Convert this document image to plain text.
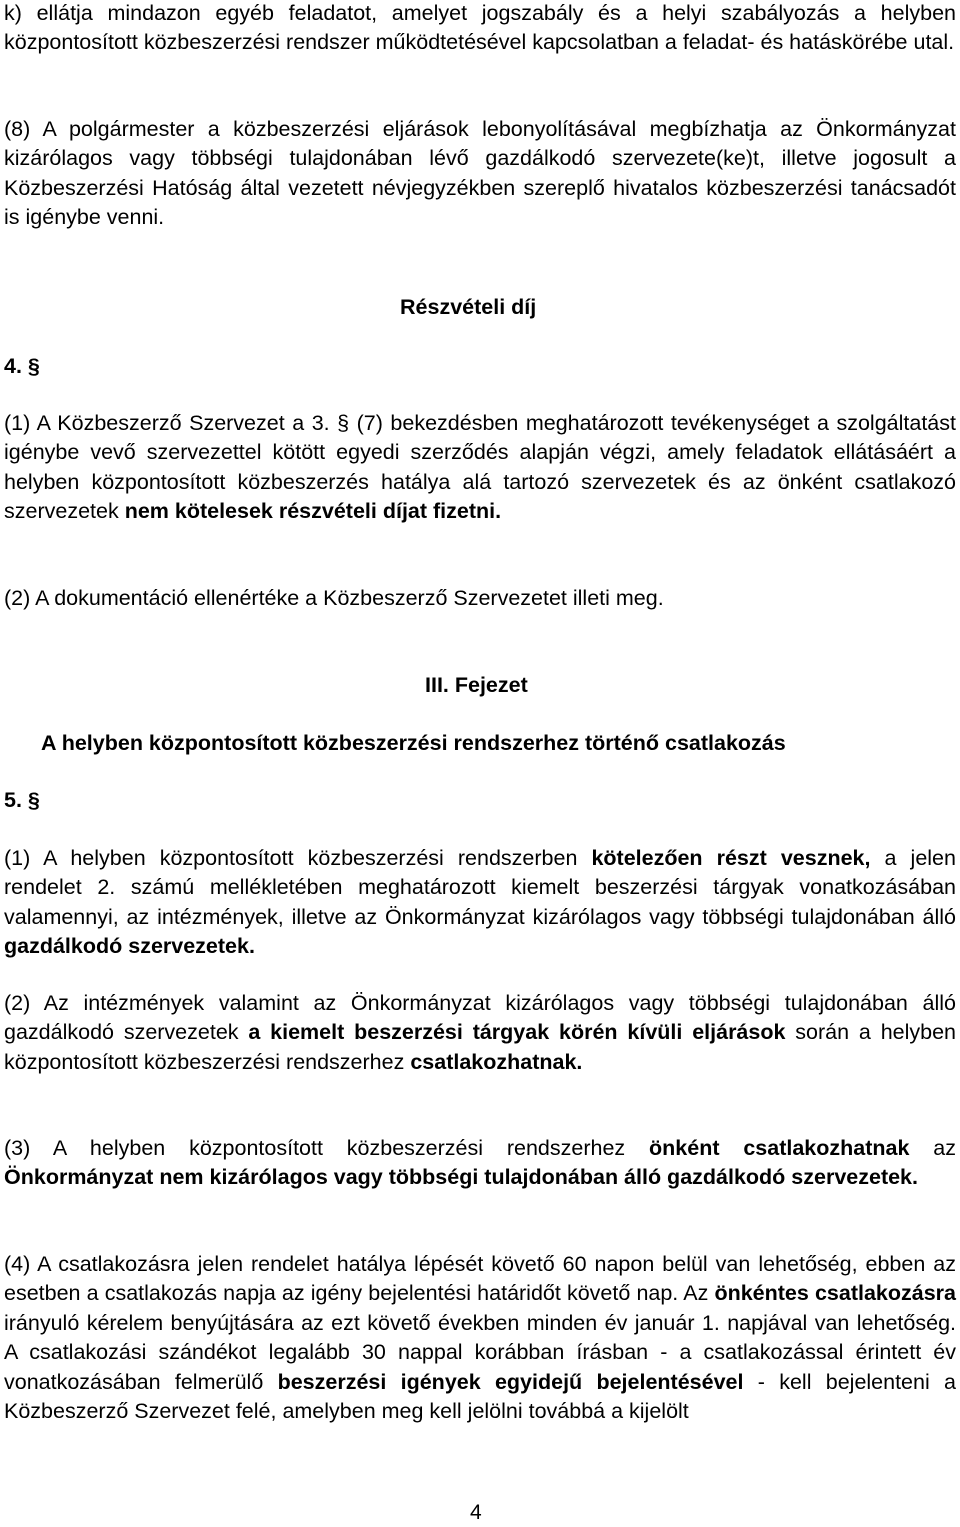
k) ellátja mindazon egyéb feladatot, amelyet jogszabály és a helyi szabályozás a helyben központosított közbeszerzési rendszer működtetésével kapcsolatban a feladat- és hatáskörébe utal.

(8) A polgármester a közbeszerzési eljárások lebonyolításával megbízhatja az Önkormányzat kizárólagos vagy többségi tulajdonában lévő gazdálkodó szervezete(ke)t, illetve jogosult a Közbeszerzési Hatóság által vezetett névjegyzékben szereplő hivatalos közbeszerzési tanácsadót is igénybe venni.

Részvételi díj
4. §

(1) A Közbeszerző Szervezet a 3. § (7) bekezdésben meghatározott tevékenységet a szolgáltatást igénybe vevő szervezettel kötött egyedi szerződés alapján végzi, amely feladatok ellátásáért a helyben központosított közbeszerzés hatálya alá tartozó szervezetek és az önként csatlakozó szervezetek nem kötelesek részvételi díjat fizetni.

(2) A dokumentáció ellenértéke a Közbeszerző Szervezetet illeti meg.

III. Fejezet
A helyben központosított közbeszerzési rendszerhez történő csatlakozás
5. §

(1) A helyben központosított közbeszerzési rendszerben kötelezően részt vesznek, a jelen rendelet 2. számú mellékletében meghatározott kiemelt beszerzési tárgyak vonatkozásában valamennyi, az intézmények, illetve az Önkormányzat kizárólagos vagy többségi tulajdonában álló gazdálkodó szervezetek.

(2) Az intézmények valamint az Önkormányzat kizárólagos vagy többségi tulajdonában álló gazdálkodó szervezetek a kiemelt beszerzési tárgyak körén kívüli eljárások során a helyben központosított közbeszerzési rendszerhez csatlakozhatnak.

(3) A helyben központosított közbeszerzési rendszerhez önként csatlakozhatnak az Önkormányzat nem kizárólagos vagy többségi tulajdonában álló gazdálkodó szervezetek.

(4) A csatlakozásra jelen rendelet hatálya lépését követő 60 napon belül van lehetőség, ebben az esetben a csatlakozás napja az igény bejelentési határidőt követő nap. Az önkéntes csatlakozásra irányuló kérelem benyújtására az ezt követő években minden év január 1. napjával van lehetőség. A csatlakozási szándékot legalább 30 nappal korábban írásban - a csatlakozással érintett év vonatkozásában felmerülő beszerzési igények egyidejű bejelentésével - kell bejelenteni a Közbeszerző Szervezet felé, amelyben meg kell jelölni továbbá a kijelölt

4
